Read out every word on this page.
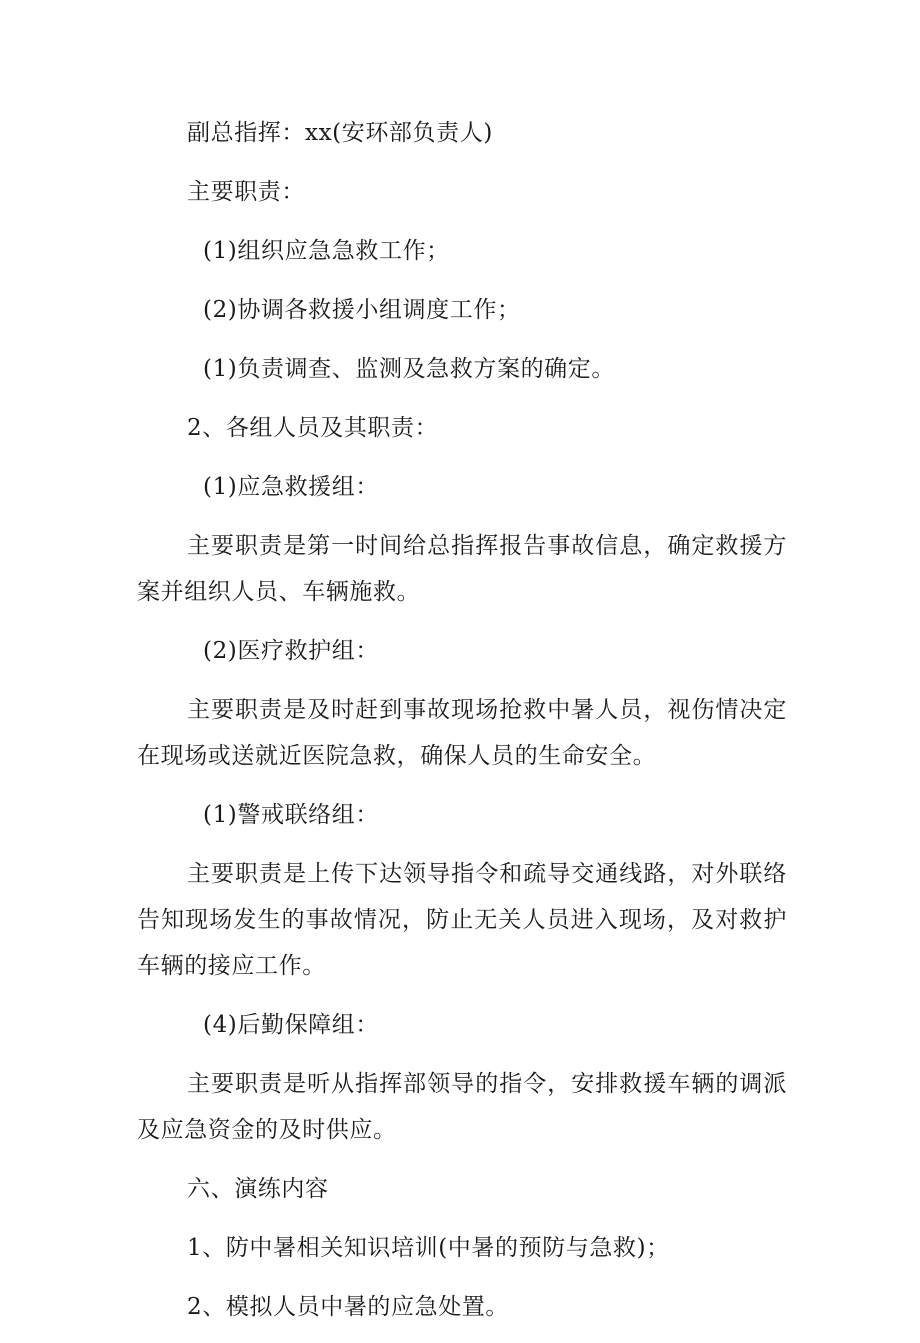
副总指挥：xx(安环部负责人)

主要职责：

(1)组织应急急救工作；

(2)协调各救援小组调度工作；

(1)负责调查、监测及急救方案的确定。

2、各组人员及其职责：

(1)应急救援组：

主要职责是第一时间给总指挥报告事故信息，确定救援方案并组织人员、车辆施救。

(2)医疗救护组：

主要职责是及时赶到事故现场抢救中暑人员，视伤情决定在现场或送就近医院急救，确保人员的生命安全。

(1)警戒联络组：

主要职责是上传下达领导指令和疏导交通线路，对外联络告知现场发生的事故情况，防止无关人员进入现场，及对救护车辆的接应工作。

(4)后勤保障组：

主要职责是听从指挥部领导的指令，安排救援车辆的调派及应急资金的及时供应。

六、演练内容

1、防中暑相关知识培训(中暑的预防与急救)；

2、模拟人员中暑的应急处置。
